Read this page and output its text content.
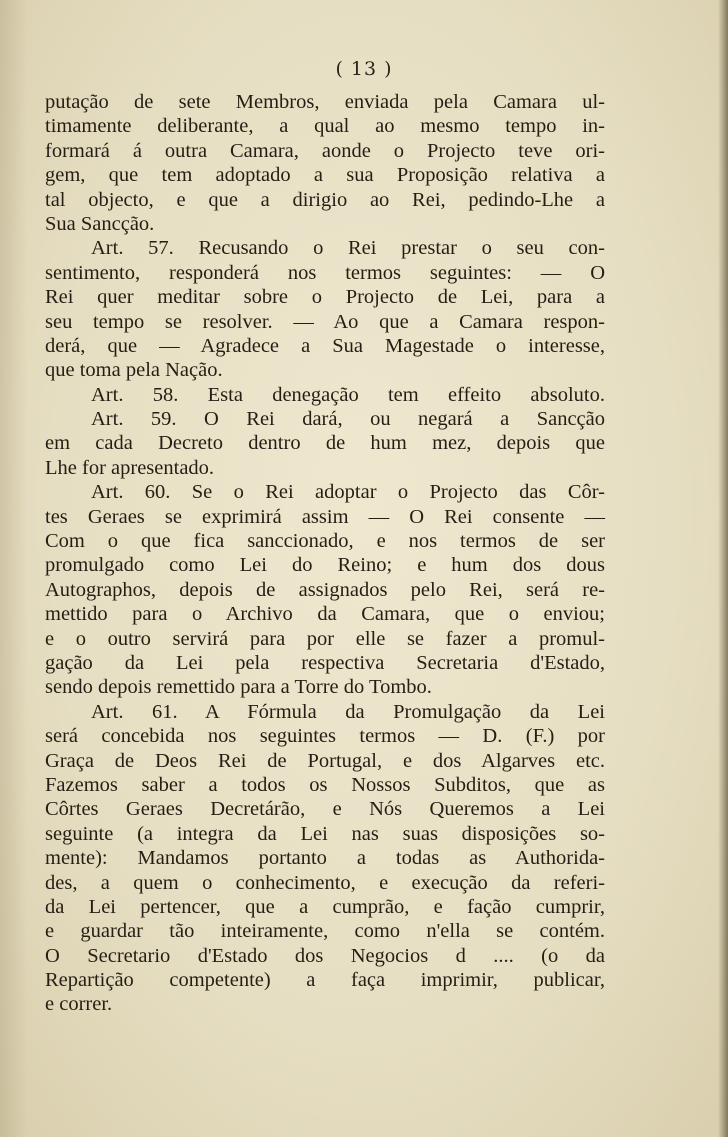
( 13 )
putação de sete Membros, enviada pela Camara ul-
timamente deliberante, a qual ao mesmo tempo in-
formará á outra Camara, aonde o Projecto teve ori-
gem, que tem adoptado a sua Proposição relativa a
tal objecto, e que a dirigio ao Rei, pedindo-Lhe a
Sua Sancção.
Art. 57. Recusando o Rei prestar o seu con-
sentimento, responderá nos termos seguintes: — O
Rei quer meditar sobre o Projecto de Lei, para a
seu tempo se resolver. — Ao que a Camara respon-
derá, que — Agradece a Sua Magestade o interesse,
que toma pela Nação.
Art. 58. Esta denegação tem effeito absoluto.
Art. 59. O Rei dará, ou negará a Sancção
em cada Decreto dentro de hum mez, depois que
Lhe for apresentado.
Art. 60. Se o Rei adoptar o Projecto das Côr-
tes Geraes se exprimirá assim — O Rei consente —
Com o que fica sanccionado, e nos termos de ser
promulgado como Lei do Reino; e hum dos dous
Autographos, depois de assignados pelo Rei, será re-
mettido para o Archivo da Camara, que o enviou;
e o outro servirá para por elle se fazer a promul-
gação da Lei pela respectiva Secretaria d'Estado,
sendo depois remettido para a Torre do Tombo.
Art. 61. A Fórmula da Promulgação da Lei
será concebida nos seguintes termos — D. (F.) por
Graça de Deos Rei de Portugal, e dos Algarves etc.
Fazemos saber a todos os Nossos Subditos, que as
Côrtes Geraes Decretárão, e Nós Queremos a Lei
seguinte (a integra da Lei nas suas disposições so-
mente): Mandamos portanto a todas as Authorida-
des, a quem o conhecimento, e execução da referi-
da Lei pertencer, que a cumprão, e fação cumprir,
e guardar tão inteiramente, como n'ella se contém.
O Secretario d'Estado dos Negocios d .... (o da
Repartição competente) a faça imprimir, publicar,
e correr.
